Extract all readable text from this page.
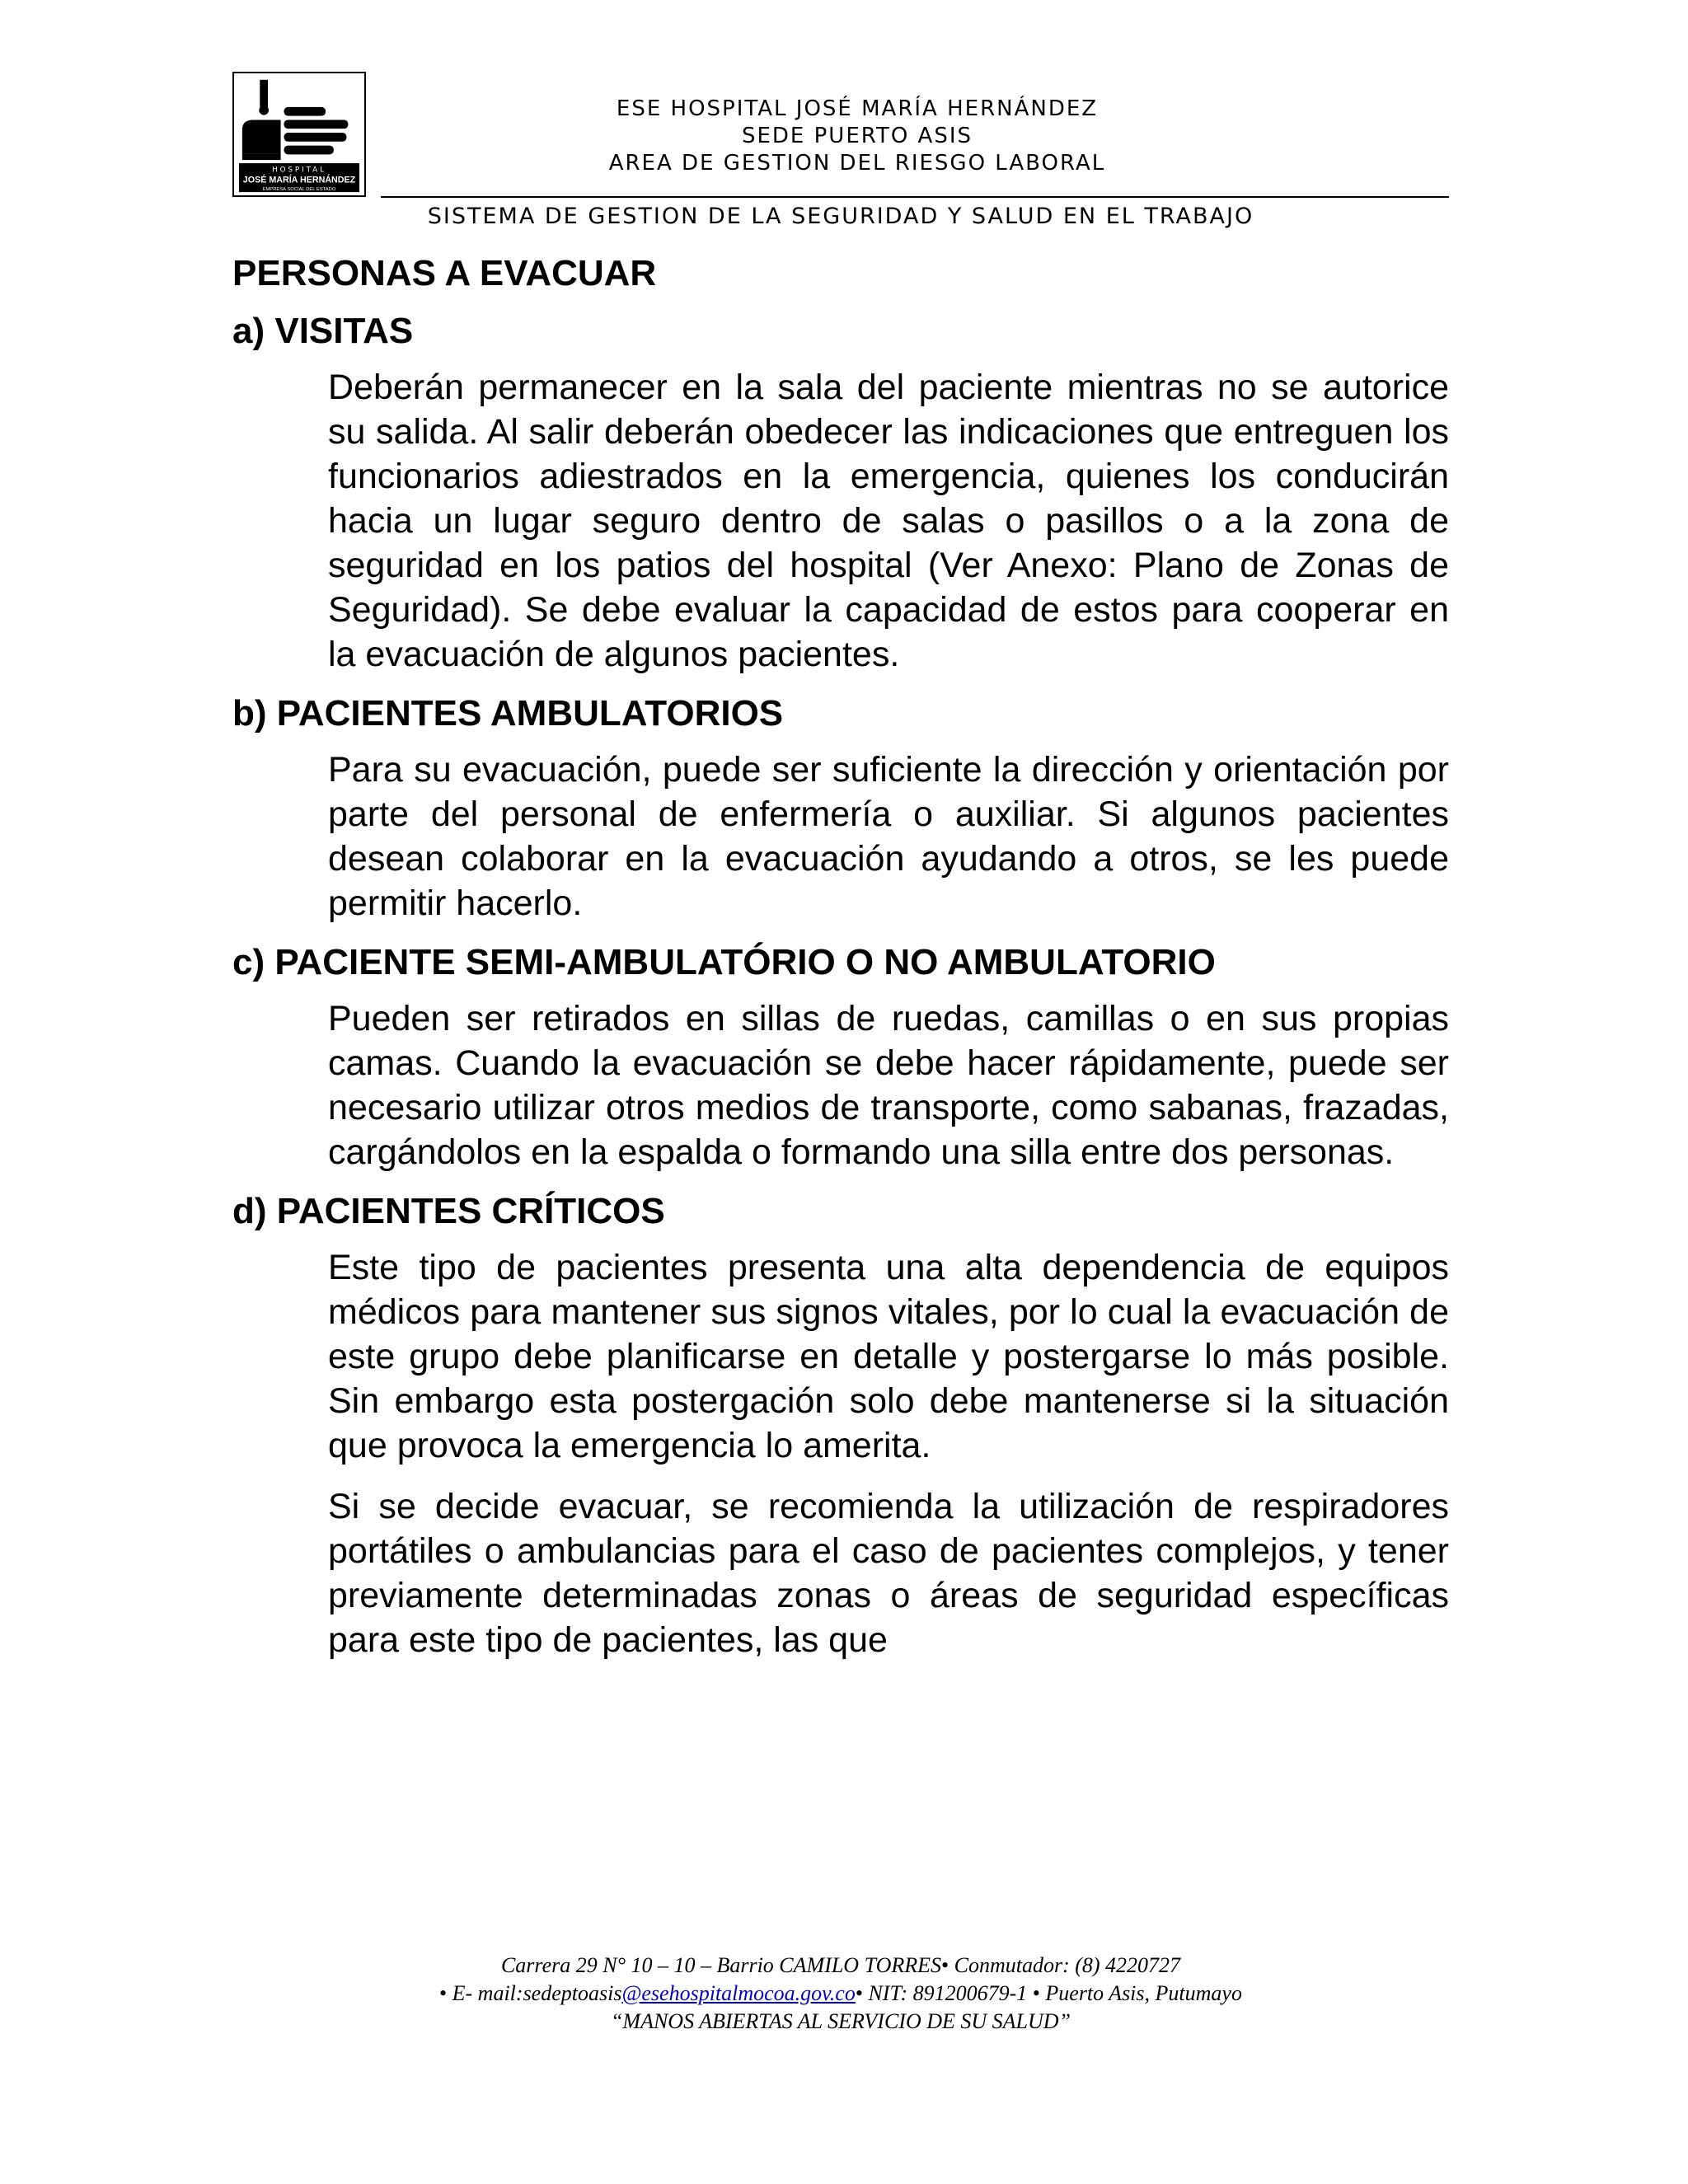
HOSPITAL
JOSÉ MARÍA HERNÁNDEZ
EMPRESA SOCIAL DEL ESTADO
ESE HOSPITAL JOSÉ MARÍA HERNÁNDEZ
SEDE PUERTO ASIS
AREA DE GESTION DEL RIESGO LABORAL
SISTEMA DE GESTION DE LA SEGURIDAD Y SALUD EN EL TRABAJO
PERSONAS A EVACUAR
a) VISITAS

Deberán permanecer en la sala del paciente mientras no se autorice su salida. Al salir deberán obedecer las indicaciones que entreguen los funcionarios adiestrados en la emergencia, quienes los conducirán hacia un lugar seguro dentro de salas o pasillos o a la zona de seguridad en los patios del hospital (Ver Anexo: Plano de Zonas de Seguridad). Se debe evaluar la capacidad de estos para cooperar en la evacuación de algunos pacientes.

b) PACIENTES AMBULATORIOS

Para su evacuación, puede ser suficiente la dirección y orientación por parte del personal de enfermería o auxiliar. Si algunos pacientes desean colaborar en la evacuación ayudando a otros, se les puede permitir hacerlo.

c) PACIENTE SEMI-AMBULATÓRIO O NO AMBULATORIO

Pueden ser retirados en sillas de ruedas, camillas o en sus propias camas. Cuando la evacuación se debe hacer rápidamente, puede ser necesario utilizar otros medios de transporte, como sabanas, frazadas, cargándolos en la espalda o formando una silla entre dos personas.

d) PACIENTES CRÍTICOS

Este tipo de pacientes presenta una alta dependencia de equipos médicos para mantener sus signos vitales, por lo cual la evacuación de este grupo debe planificarse en detalle y postergarse lo más posible. Sin embargo esta postergación solo debe mantenerse si la situación que provoca la emergencia lo amerita.

Si se decide evacuar, se recomienda la utilización de respiradores portátiles o ambulancias para el caso de pacientes complejos, y tener previamente determinadas zonas o áreas de seguridad específicas para este tipo de pacientes, las que

Carrera 29 N° 10 – 10 – Barrio CAMILO TORRES• Conmutador: (8) 4220727
• E- mail:sedeptoasis@esehospitalmocoa.gov.co• NIT: 891200679-1 • Puerto Asis, Putumayo
“MANOS ABIERTAS AL SERVICIO DE SU SALUD”
